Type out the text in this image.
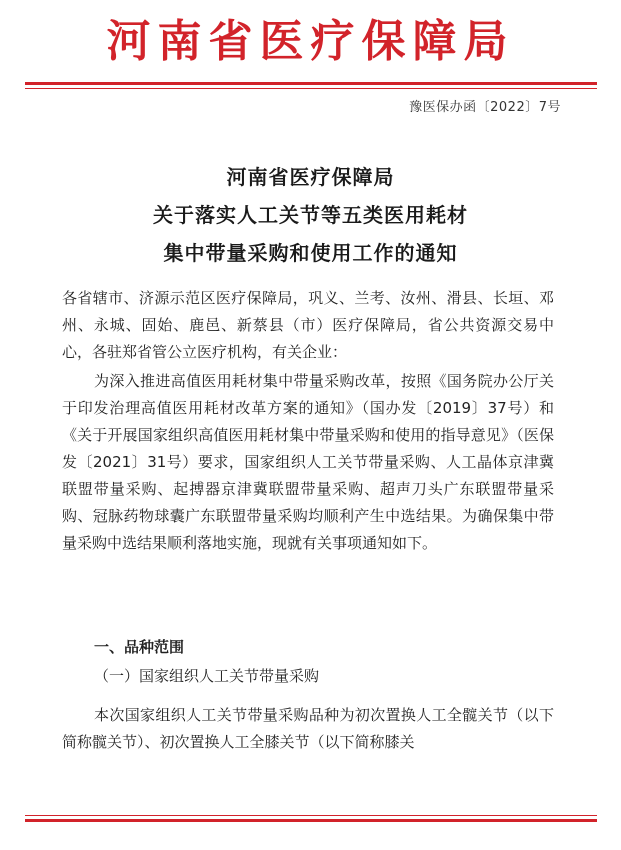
河南省医疗保障局
豫医保办函〔2022〕7号
河南省医疗保障局
关于落实人工关节等五类医用耗材
集中带量采购和使用工作的通知
各省辖市、济源示范区医疗保障局，巩义、兰考、汝州、滑县、长垣、邓州、永城、固始、鹿邑、新蔡县（市）医疗保障局，省公共资源交易中心，各驻郑省管公立医疗机构，有关企业：
为深入推进高值医用耗材集中带量采购改革，按照《国务院办公厅关于印发治理高值医用耗材改革方案的通知》（国办发〔2019〕37号）和《关于开展国家组织高值医用耗材集中带量采购和使用的指导意见》（医保发〔2021〕31号）要求，国家组织人工关节带量采购、人工晶体京津冀联盟带量采购、起搏器京津冀联盟带量采购、超声刀头广东联盟带量采购、冠脉药物球囊广东联盟带量采购均顺利产生中选结果。为确保集中带量采购中选结果顺利落地实施，现就有关事项通知如下。
一、品种范围
（一）国家组织人工关节带量采购
本次国家组织人工关节带量采购品种为初次置换人工全髋关节（以下简称髋关节）、初次置换人工全膝关节（以下简称膝关
